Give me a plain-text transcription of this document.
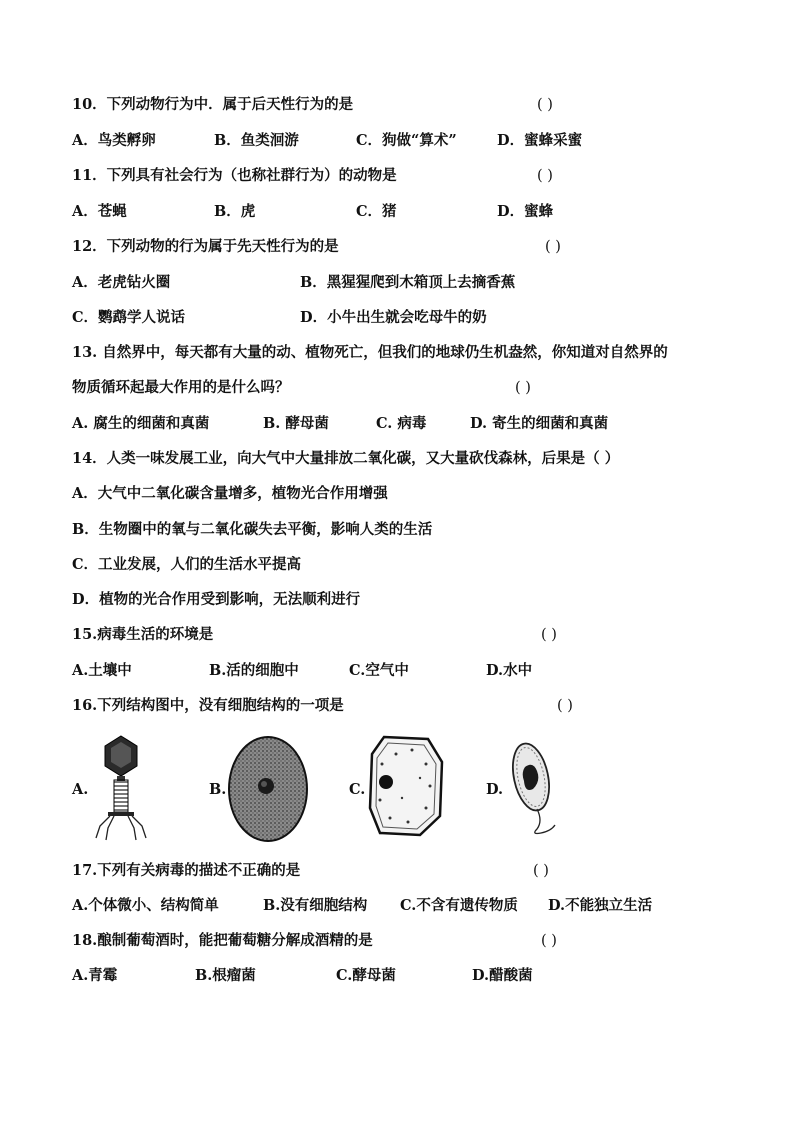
10．下列动物行为中．属于后天性行为的是	( )
A．鸟类孵卵	B．鱼类洄游	C．狗做“算术”	D．蜜蜂采蜜
11．下列具有社会行为（也称社群行为）的动物是	( )
A．苍蝇	B．虎	C．猪	D．蜜蜂
12．下列动物的行为属于先天性行为的是	( )
A．老虎钻火圈	B．黑猩猩爬到木箱顶上去摘香蕉
C．鹦鹉学人说话	D．小牛出生就会吃母牛的奶
13. 自然界中，每天都有大量的动、植物死亡，但我们的地球仍生机盎然，你知道对自然界的
物质循环起最大作用的是什么吗？	( )
A. 腐生的细菌和真菌	B. 酵母菌	C. 病毒	D. 寄生的细菌和真菌
14．人类一味发展工业，向大气中大量排放二氧化碳，又大量砍伐森林，后果是（ ）
A．大气中二氧化碳含量增多，植物光合作用增强
B．生物圈中的氧与二氧化碳失去平衡，影响人类的生活
C．工业发展，人们的生活水平提高
D．植物的光合作用受到影响，无法顺利进行
15.病毒生活的环境是	( )
A.土壤中	B.活的细胞中	C.空气中	D.水中
16.下列结构图中，没有细胞结构的一项是	( )
A.	B.	C.	D.
17.下列有关病毒的描述不正确的是	( )
A.个体微小、结构简单	B.没有细胞结构 C.不含有遗传物质 D.不能独立生活
18.酿制葡萄酒时，能把葡萄糖分解成酒精的是	( )
A.青霉	B.根瘤菌	C.酵母菌	D.醋酸菌
